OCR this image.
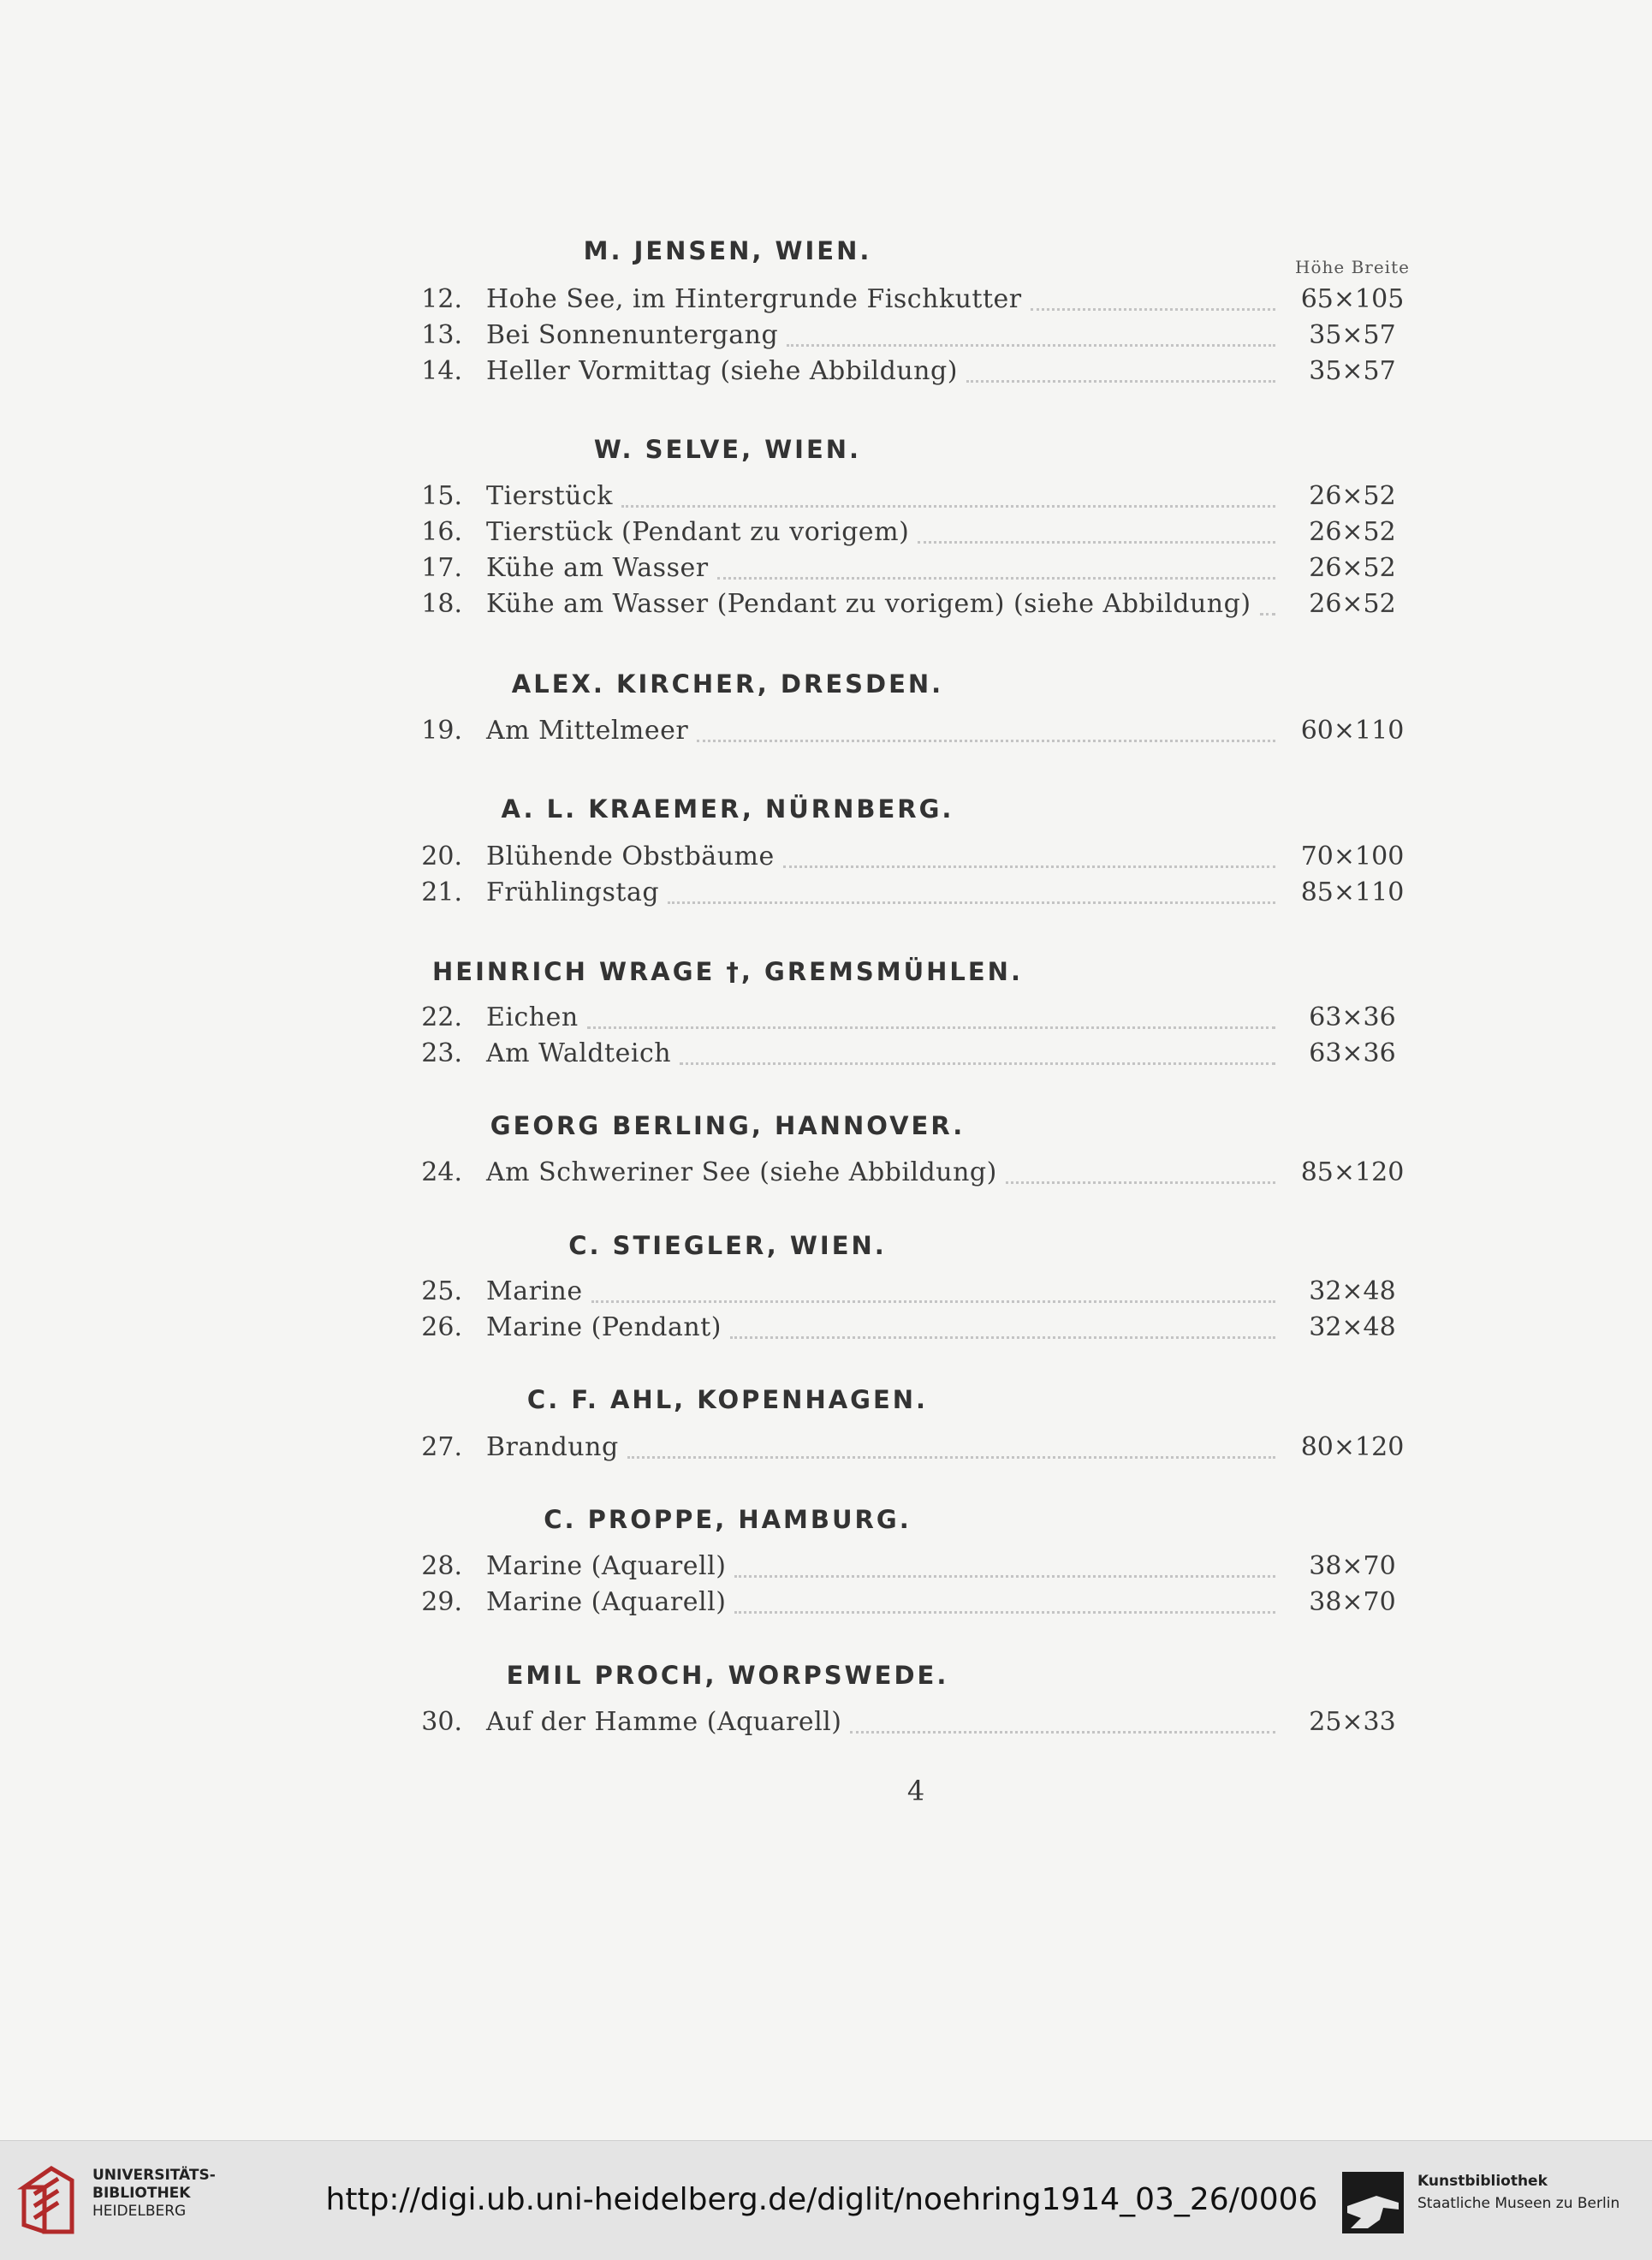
Höhe Breite
M. JENSEN, WIEN.
12. Hohe See, im Hintergrunde Fischkutter	65×105
13. Bei Sonnenuntergang	35×57
14. Heller Vormittag (siehe Abbildung)	35×57
W. SELVE, WIEN.
15. Tierstück	26×52
16. Tierstück (Pendant zu vorigem)	26×52
17. Kühe am Wasser	26×52
18. Kühe am Wasser (Pendant zu vorigem) (siehe Abbildung)	26×52
ALEX. KIRCHER, DRESDEN.
19. Am Mittelmeer	60×110
A. L. KRAEMER, NÜRNBERG.
20. Blühende Obstbäume	70×100
21. Frühlingstag	85×110
HEINRICH WRAGE †, GREMSMÜHLEN.
22. Eichen	63×36
23. Am Waldteich	63×36
GEORG BERLING, HANNOVER.
24. Am Schweriner See (siehe Abbildung)	85×120
C. STIEGLER, WIEN.
25. Marine	32×48
26. Marine (Pendant)	32×48
C. F. AHL, KOPENHAGEN.
27. Brandung	80×120
C. PROPPE, HAMBURG.
28. Marine (Aquarell)	38×70
29. Marine (Aquarell)	38×70
EMIL PROCH, WORPSWEDE.
30. Auf der Hamme (Aquarell)	25×33
4
UNIVERSITÄTS-
BIBLIOTHEK
HEIDELBERG	http://digi.ub.uni-heidelberg.de/diglit/noehring1914_03_26/0006
Kunstbibliothek
Staatliche Museen zu Berlin
